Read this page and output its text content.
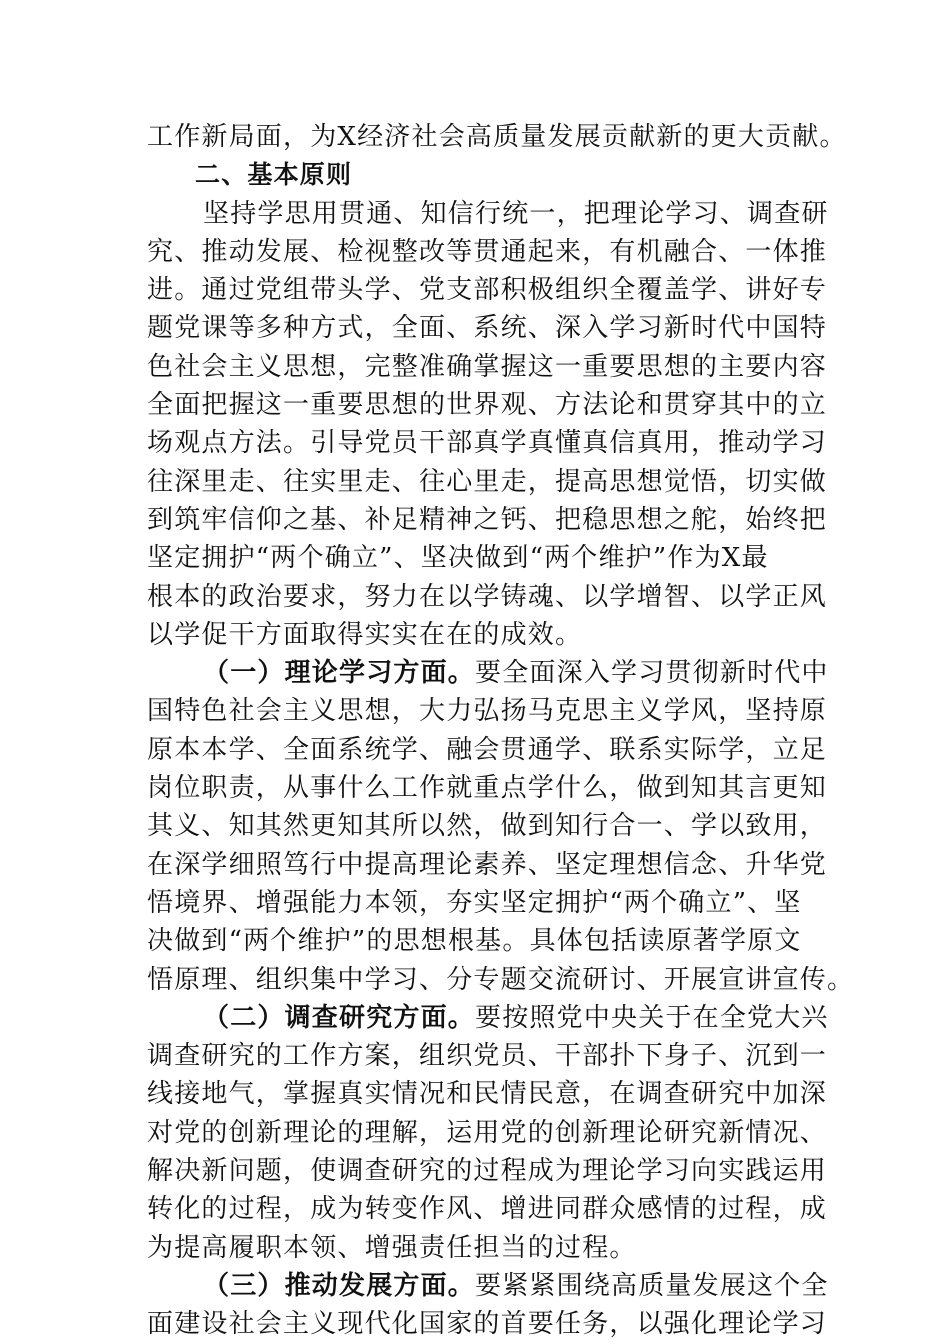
工作新局面，为X经济社会高质量发展贡献新的更大贡献。
二、基本原则
坚持学思用贯通、知信行统一，把理论学习、调查研
究、推动发展、检视整改等贯通起来，有机融合、一体推
进。通过党组带头学、党支部积极组织全覆盖学、讲好专
题党课等多种方式，全面、系统、深入学习新时代中国特
色社会主义思想，完整准确掌握这一重要思想的主要内容
全面把握这一重要思想的世界观、方法论和贯穿其中的立
场观点方法。引导党员干部真学真懂真信真用，推动学习
往深里走、往实里走、往心里走，提高思想觉悟，切实做
到筑牢信仰之基、补足精神之钙、把稳思想之舵，始终把
坚定拥护“两个确立”、坚决做到“两个维护”作为X最
根本的政治要求，努力在以学铸魂、以学增智、以学正风
以学促干方面取得实实在在的成效。
（一）理论学习方面。要全面深入学习贯彻新时代中
国特色社会主义思想，大力弘扬马克思主义学风，坚持原
原本本学、全面系统学、融会贯通学、联系实际学，立足
岗位职责，从事什么工作就重点学什么，做到知其言更知
其义、知其然更知其所以然，做到知行合一、学以致用，
在深学细照笃行中提高理论素养、坚定理想信念、升华党
悟境界、增强能力本领，夯实坚定拥护“两个确立”、坚
决做到“两个维护”的思想根基。具体包括读原著学原文
悟原理、组织集中学习、分专题交流研讨、开展宣讲宣传。
（二）调查研究方面。要按照党中央关于在全党大兴
调查研究的工作方案，组织党员、干部扑下身子、沉到一
线接地气，掌握真实情况和民情民意，在调查研究中加深
对党的创新理论的理解，运用党的创新理论研究新情况、
解决新问题，使调查研究的过程成为理论学习向实践运用
转化的过程，成为转变作风、增进同群众感情的过程，成
为提高履职本领、增强责任担当的过程。
（三）推动发展方面。要紧紧围绕高质量发展这个全
面建设社会主义现代化国家的首要任务，以强化理论学习
